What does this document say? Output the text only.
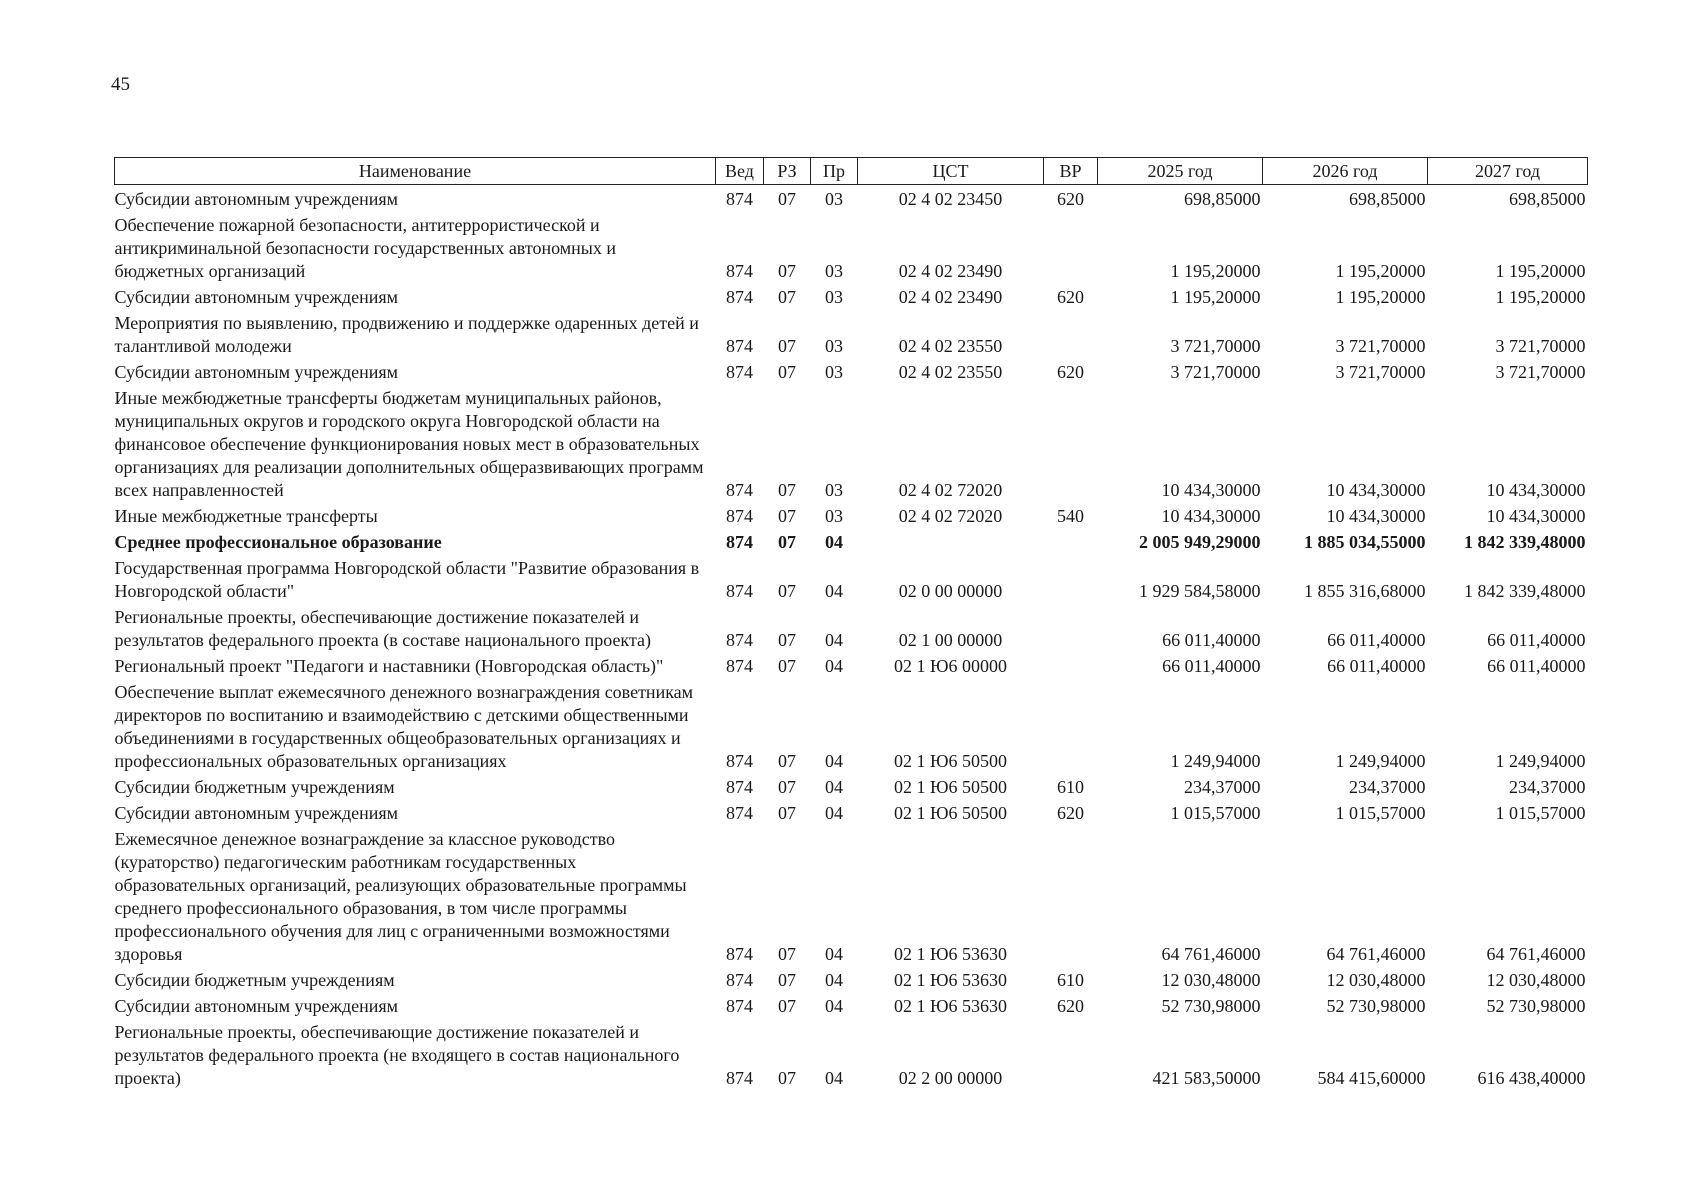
45
Наименование	Вед	РЗ	Пр	ЦСТ	ВР	2025 год	2026 год	2027 год
Субсидии автономным учреждениям	874	07	03	02 4 02 23450	620	698,85000	698,85000	698,85000
Обеспечение пожарной безопасности, антитеррористической и антикриминальной безопасности государственных автономных и бюджетных организаций	874	07	03	02 4 02 23490		1 195,20000	1 195,20000	1 195,20000
Субсидии автономным учреждениям	874	07	03	02 4 02 23490	620	1 195,20000	1 195,20000	1 195,20000
Мероприятия по выявлению, продвижению и поддержке одаренных детей и талантливой молодежи	874	07	03	02 4 02 23550		3 721,70000	3 721,70000	3 721,70000
Субсидии автономным учреждениям	874	07	03	02 4 02 23550	620	3 721,70000	3 721,70000	3 721,70000
Иные межбюджетные трансферты бюджетам муниципальных районов, муниципальных округов и городского округа Новгородской области на финансовое обеспечение функционирования новых мест в образовательных организациях для реализации дополнительных общеразвивающих программ всех направленностей	874	07	03	02 4 02 72020		10 434,30000	10 434,30000	10 434,30000
Иные межбюджетные трансферты	874	07	03	02 4 02 72020	540	10 434,30000	10 434,30000	10 434,30000
Среднее профессиональное образование	874	07	04			2 005 949,29000	1 885 034,55000	1 842 339,48000
Государственная программа Новгородской области "Развитие образования в Новгородской области"	874	07	04	02 0 00 00000		1 929 584,58000	1 855 316,68000	1 842 339,48000
Региональные проекты, обеспечивающие достижение показателей и результатов федерального проекта (в составе национального проекта)	874	07	04	02 1 00 00000		66 011,40000	66 011,40000	66 011,40000
Региональный проект "Педагоги и наставники (Новгородская область)"	874	07	04	02 1 Ю6 00000		66 011,40000	66 011,40000	66 011,40000
Обеспечение выплат ежемесячного денежного вознаграждения советникам директоров по воспитанию и взаимодействию с детскими общественными объединениями в государственных общеобразовательных организациях и профессиональных образовательных организациях	874	07	04	02 1 Ю6 50500		1 249,94000	1 249,94000	1 249,94000
Субсидии бюджетным учреждениям	874	07	04	02 1 Ю6 50500	610	234,37000	234,37000	234,37000
Субсидии автономным учреждениям	874	07	04	02 1 Ю6 50500	620	1 015,57000	1 015,57000	1 015,57000
Ежемесячное денежное вознаграждение за классное руководство (кураторство) педагогическим работникам государственных образовательных организаций, реализующих образовательные программы среднего профессионального образования, в том числе программы профессионального обучения для лиц с ограниченными возможностями здоровья	874	07	04	02 1 Ю6 53630		64 761,46000	64 761,46000	64 761,46000
Субсидии бюджетным учреждениям	874	07	04	02 1 Ю6 53630	610	12 030,48000	12 030,48000	12 030,48000
Субсидии автономным учреждениям	874	07	04	02 1 Ю6 53630	620	52 730,98000	52 730,98000	52 730,98000
Региональные проекты, обеспечивающие достижение показателей и результатов федерального проекта (не входящего в состав национального проекта)	874	07	04	02 2 00 00000		421 583,50000	584 415,60000	616 438,40000
